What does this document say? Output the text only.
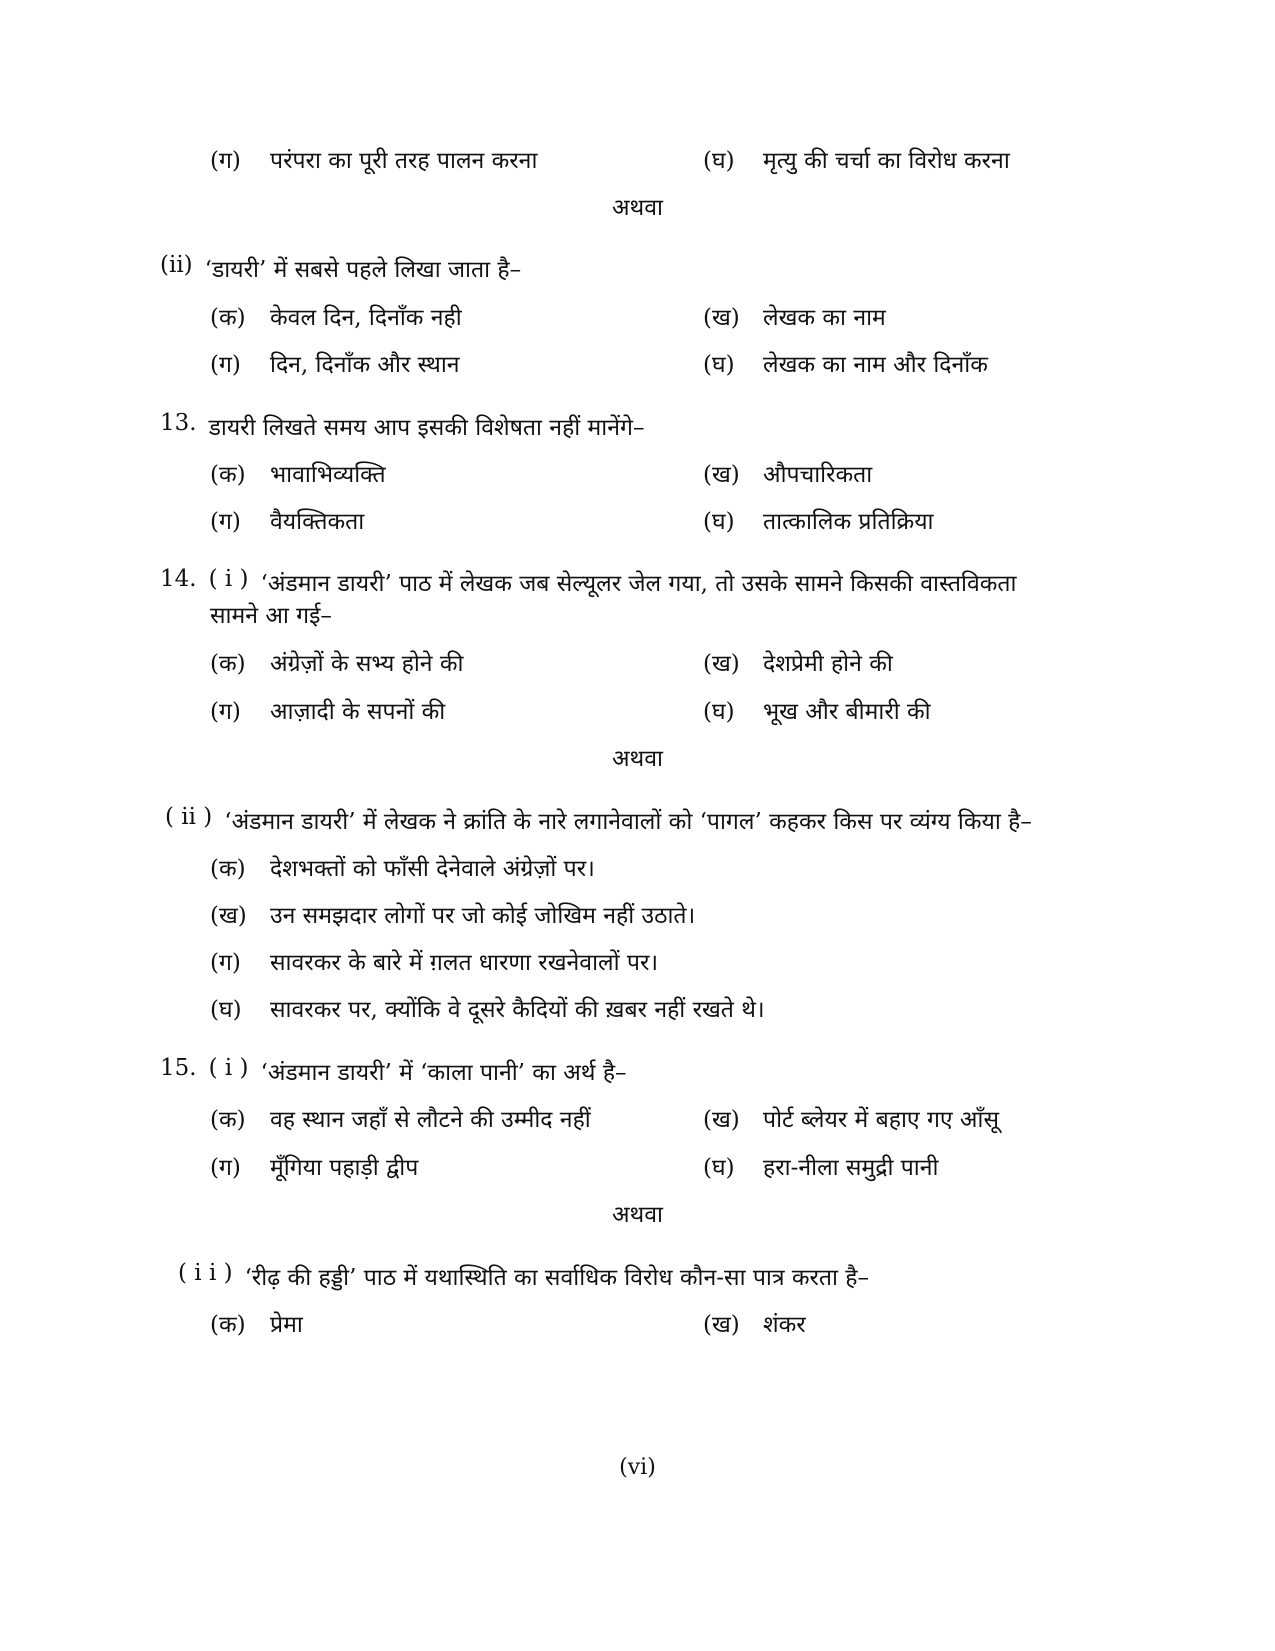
(ग)	परंपरा का पूरी तरह पालन करना	(घ)	मृत्यु की चर्चा का विरोध करना
अथवा
(ii) ‘डायरी’ में सबसे पहले लिखा जाता है–
(क)	केवल दिन, दिनाँक नही	(ख)	लेखक का नाम
(ग)	दिन, दिनाँक और स्थान	(घ)	लेखक का नाम और दिनाँक
13. डायरी लिखते समय आप इसकी विशेषता नहीं मानेंगे–
(क)	भावाभिव्यक्ति	(ख)	औपचारिकता
(ग)	वैयक्तिकता	(घ)	तात्कालिक प्रतिक्रिया
14. ( i ) ‘अंडमान डायरी’ पाठ में लेखक जब सेल्यूलर जेल गया, तो उसके सामने किसकी वास्तविकता
सामने आ गई–
(क)	अंग्रेज़ों के सभ्य होने की	(ख)	देशप्रेमी होने की
(ग)	आज़ादी के सपनों की	(घ)	भूख और बीमारी की
अथवा
( ii ) ‘अंडमान डायरी’ में लेखक ने क्रांति के नारे लगानेवालों को ‘पागल’ कहकर किस पर व्यंग्य किया है–
(क)	देशभक्तों को फाँसी देनेवाले अंग्रेज़ों पर।
(ख)	उन समझदार लोगों पर जो कोई जोखिम नहीं उठाते।
(ग)	सावरकर के बारे में ग़लत धारणा रखनेवालों पर।
(घ)	सावरकर पर, क्योंकि वे दूसरे कैदियों की ख़बर नहीं रखते थे।
15. ( i ) ‘अंडमान डायरी’ में ‘काला पानी’ का अर्थ है–
(क)	वह स्थान जहाँ से लौटने की उम्मीद नहीं	(ख)	पोर्ट ब्लेयर में बहाए गए आँसू
(ग)	मूँगिया पहाड़ी द्वीप	(घ)	हरा-नीला समुद्री पानी
अथवा
( i i ) ‘रीढ़ की हड्डी’ पाठ में यथास्थिति का सर्वाधिक विरोध कौन-सा पात्र करता है–
(क)	प्रेमा	(ख)	शंकर
(vi)
